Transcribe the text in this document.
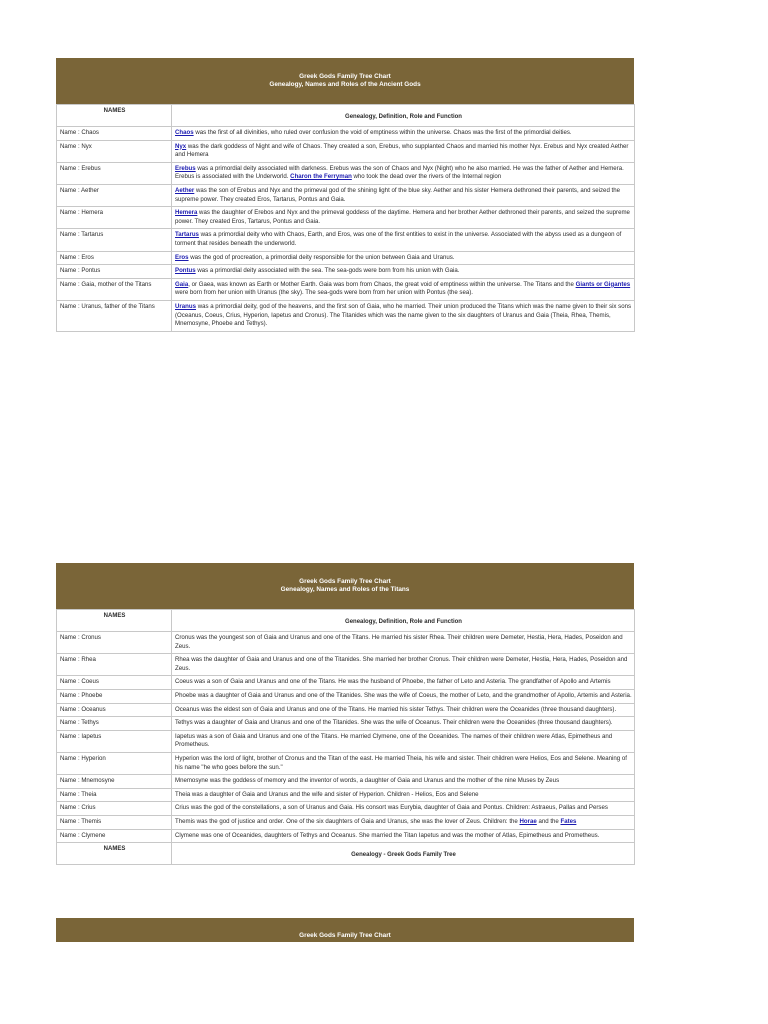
Greek Gods Family Tree Chart
Genealogy, Names and Roles of the Ancient Gods
NAMES	Genealogy, Definition, Role and Function
Name : Chaos	Chaos was the first of all divinities, who ruled over confusion the void of emptiness within the universe. Chaos was the first of the primordial deities.
Name : Nyx	Nyx was the dark goddess of Night and wife of Chaos. They created a son, Erebus, who supplanted Chaos and married his mother Nyx. Erebus and Nyx created Aether and Hemera
Name : Erebus	Erebus was a primordial deity associated with darkness. Erebus was the son of Chaos and Nyx (Night) who he also married. He was the father of Aether and Hemera. Erebus is associated with the Underworld. Charon the Ferryman who took the dead over the rivers of the Internal region
Name : Aether	Aether was the son of Erebus and Nyx and the primeval god of the shining light of the blue sky. Aether and his sister Hemera dethroned their parents, and seized the supreme power. They created Eros, Tartarus, Pontus and Gaia.
Name : Hemera	Hemera was the daughter of Erebos and Nyx and the primeval goddess of the daytime. Hemera and her brother Aether dethroned their parents, and seized the supreme power. They created Eros, Tartarus, Pontus and Gaia.
Name : Tartarus	Tartarus was a primordial deity who with Chaos, Earth, and Eros, was one of the first entities to exist in the universe. Associated with the abyss used as a dungeon of torment that resides beneath the underworld.
Name : Eros	Eros was the god of procreation, a primordial deity responsible for the union between Gaia and Uranus.
Name : Pontus	Pontus was a primordial deity associated with the sea. The sea-gods were born from his union with Gaia.
Name : Gaia, mother of the Titans	Gaia, or Gaea, was known as Earth or Mother Earth. Gaia was born from Chaos, the great void of emptiness within the universe. The Titans and the Giants or Gigantes were born from her union with Uranus (the sky). The sea-gods were born from her union with Pontus (the sea).
Name : Uranus, father of the Titans	Uranus was a primordial deity, god of the heavens, and the first son of Gaia, who he married. Their union produced the Titans which was the name given to their six sons (Oceanus, Coeus, Crius, Hyperion, Iapetus and Cronus). The Titanides which was the name given to the six daughters of Uranus and Gaia (Theia, Rhea, Themis, Mnemosyne, Phoebe and Tethys).
Greek Gods Family Tree Chart
Genealogy, Names and Roles of the Titans
NAMES	Genealogy, Definition, Role and Function
Name : Cronus	Cronus was the youngest son of Gaia and Uranus and one of the Titans. He married his sister Rhea. Their children were Demeter, Hestia, Hera, Hades, Poseidon and Zeus.
Name : Rhea	Rhea was the daughter of Gaia and Uranus and one of the Titanides. She married her brother Cronus. Their children were Demeter, Hestia, Hera, Hades, Poseidon and Zeus.
Name : Coeus	Coeus was a son of Gaia and Uranus and one of the Titans. He was the husband of Phoebe, the father of Leto and Asteria. The grandfather of Apollo and Artemis
Name : Phoebe	Phoebe was a daughter of Gaia and Uranus and one of the Titanides. She was the wife of Coeus, the mother of Leto, and the grandmother of Apollo, Artemis and Asteria.
Name : Oceanus	Oceanus was the eldest son of Gaia and Uranus and one of the Titans. He married his sister Tethys. Their children were the Oceanides (three thousand daughters).
Name : Tethys	Tethys was a daughter of Gaia and Uranus and one of the Titanides. She was the wife of Oceanus. Their children were the Oceanides (three thousand daughters).
Name : Iapetus	Iapetus was a son of Gaia and Uranus and one of the Titans. He married Clymene, one of the Oceanides. The names of their children were Atlas, Epimetheus and Prometheus.
Name : Hyperion	Hyperion was the lord of light, brother of Cronus and the Titan of the east. He married Theia, his wife and sister. Their children were Helios, Eos and Selene. Meaning of his name "he who goes before the sun."
Name : Mnemosyne	Mnemosyne was the goddess of memory and the inventor of words, a daughter of Gaia and Uranus and the mother of the nine Muses by Zeus
Name : Theia	Theia was a daughter of Gaia and Uranus and the wife and sister of Hyperion. Children - Helios, Eos and Selene
Name : Crius	Crius was the god of the constellations, a son of Uranus and Gaia. His consort was Eurybia, daughter of Gaia and Pontus. Children: Astraeus, Pallas and Perses
Name : Themis	Themis was the god of justice and order. One of the six daughters of Gaia and Uranus, she was the lover of Zeus. Children: the Horae and the Fates
Name : Clymene	Clymene was one of Oceanides, daughters of Tethys and Oceanus. She married the Titan Iapetus and was the mother of Atlas, Epimetheus and Prometheus.
NAMES	Genealogy - Greek Gods Family Tree
Greek Gods Family Tree Chart
